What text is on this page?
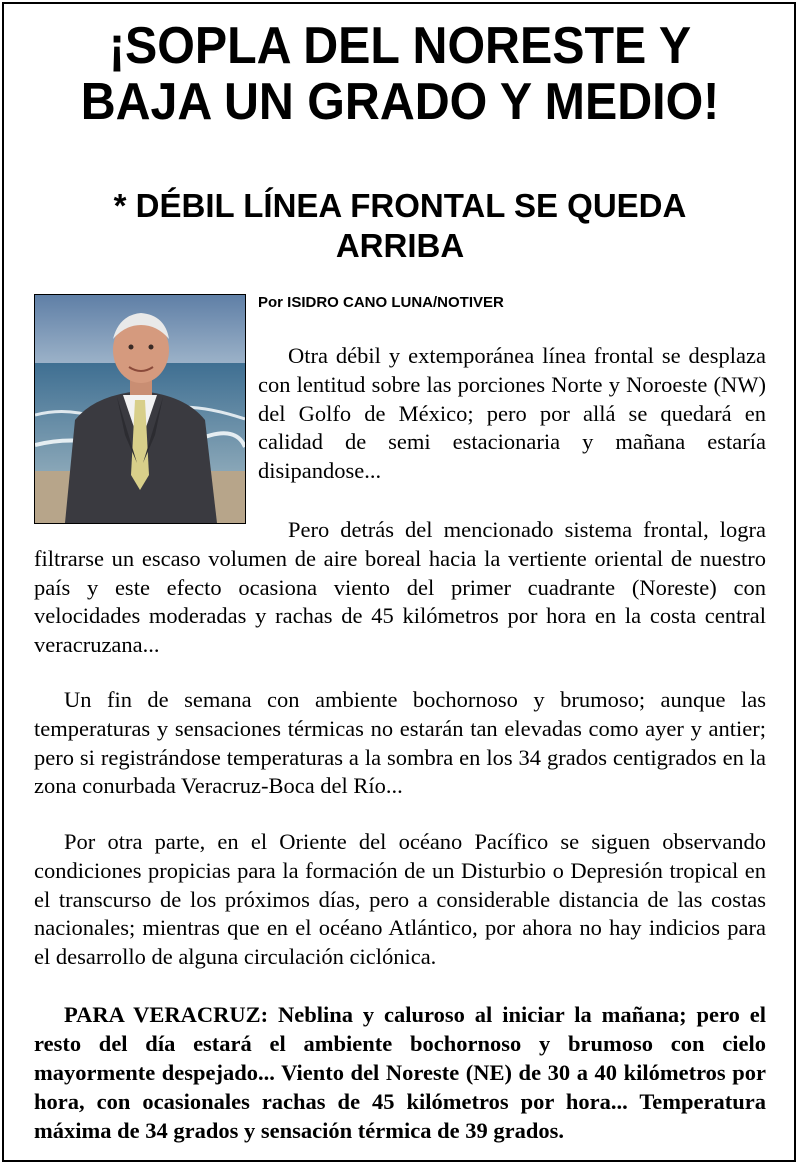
¡SOPLA DEL NORESTE Y
BAJA UN GRADO Y MEDIO!
* DÉBIL LÍNEA FRONTAL SE QUEDA
ARRIBA

Por ISIDRO CANO LUNA/NOTIVER

Otra débil y extemporánea línea frontal se desplaza con lentitud sobre las porciones Norte y Noroeste (NW) del Golfo de México; pero por allá se quedará en calidad de semi estacionaria y mañana estaría disipandose...

Pero detrás del mencionado sistema frontal, logra filtrarse un escaso volumen de aire boreal hacia la vertiente oriental de nuestro país y este efecto ocasiona viento del primer cuadrante (Noreste) con velocidades moderadas y rachas de 45 kilómetros por hora en la costa central veracruzana...

Un fin de semana con ambiente bochornoso y brumoso; aunque las temperaturas y sensaciones térmicas no estarán tan elevadas como ayer y antier; pero si registrándose temperaturas a la sombra en los 34 grados centigrados en la zona conurbada Veracruz-Boca del Río...

Por otra parte, en el Oriente del océano Pacífico se siguen observando condiciones propicias para la formación de un Disturbio o Depresión tropical en el transcurso de los próximos días, pero a considerable distancia de las costas nacionales; mientras que en el océano Atlántico, por ahora no hay indicios para el desarrollo de alguna circulación ciclónica.

PARA VERACRUZ: Neblina y caluroso al iniciar la mañana; pero el resto del día estará el ambiente bochornoso y brumoso con cielo mayormente despejado... Viento del Noreste (NE) de 30 a 40 kilómetros por hora, con ocasionales rachas de 45 kilómetros por hora... Temperatura máxima de 34 grados y sensación térmica de 39 grados.
